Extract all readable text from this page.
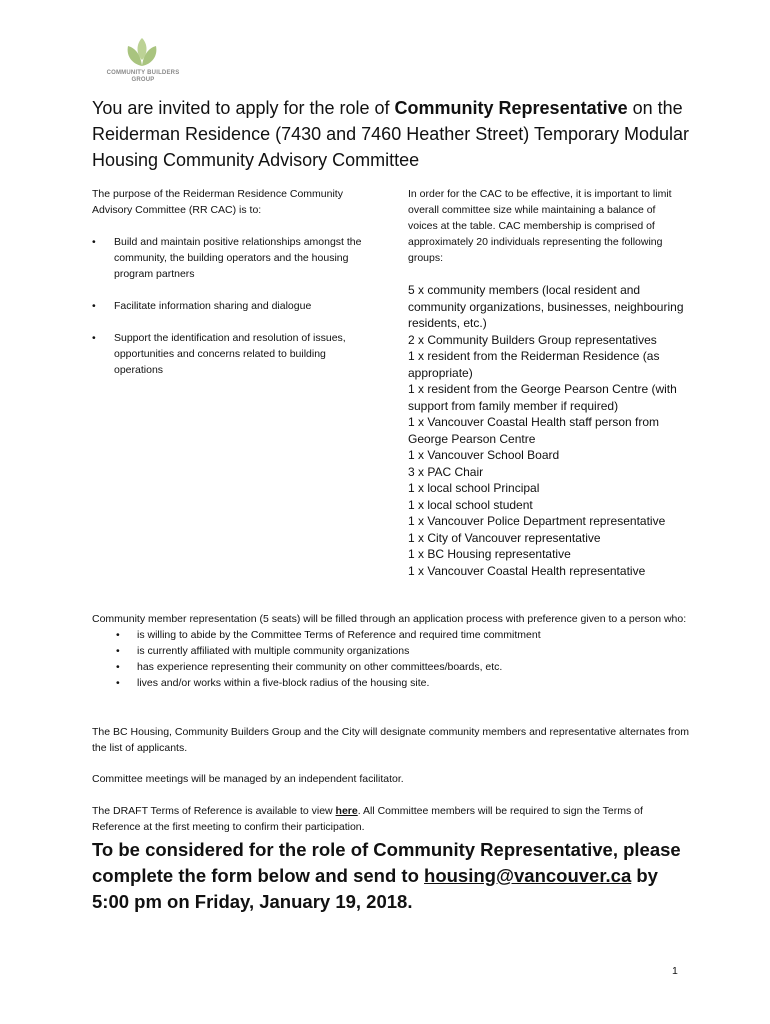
COMMUNITY BUILDERS
GROUP
You are invited to apply for the role of Community Representative on the Reiderman Residence (7430 and 7460 Heather Street) Temporary Modular Housing Community Advisory Committee
The purpose of the Reiderman Residence Community Advisory Committee (RR CAC) is to:
• Build and maintain positive relationships amongst the community, the building operators and the housing program partners
• Facilitate information sharing and dialogue
• Support the identification and resolution of issues, opportunities and concerns related to building operations
In order for the CAC to be effective, it is important to limit overall committee size while maintaining a balance of voices at the table. CAC membership is comprised of approximately 20 individuals representing the following groups:
5 x community members (local resident and community organizations, businesses, neighbouring residents, etc.)
2 x Community Builders Group representatives
1 x resident from the Reiderman Residence (as appropriate)
1 x resident from the George Pearson Centre (with support from family member if required)
1 x Vancouver Coastal Health staff person from George Pearson Centre
1 x Vancouver School Board
3 x PAC Chair
1 x local school Principal
1 x local school student
1 x Vancouver Police Department representative
1 x City of Vancouver representative
1 x BC Housing representative
1 x Vancouver Coastal Health representative
Community member representation (5 seats) will be filled through an application process with preference given to a person who:
• is willing to abide by the Committee Terms of Reference and required time commitment
• is currently affiliated with multiple community organizations
• has experience representing their community on other committees/boards, etc.
• lives and/or works within a five-block radius of the housing site.
The BC Housing, Community Builders Group and the City will designate community members and representative alternates from the list of applicants.
Committee meetings will be managed by an independent facilitator.
The DRAFT Terms of Reference is available to view here. All Committee members will be required to sign the Terms of Reference at the first meeting to confirm their participation.
To be considered for the role of Community Representative, please complete the form below and send to housing@vancouver.ca by 5:00 pm on Friday, January 19, 2018.
1
